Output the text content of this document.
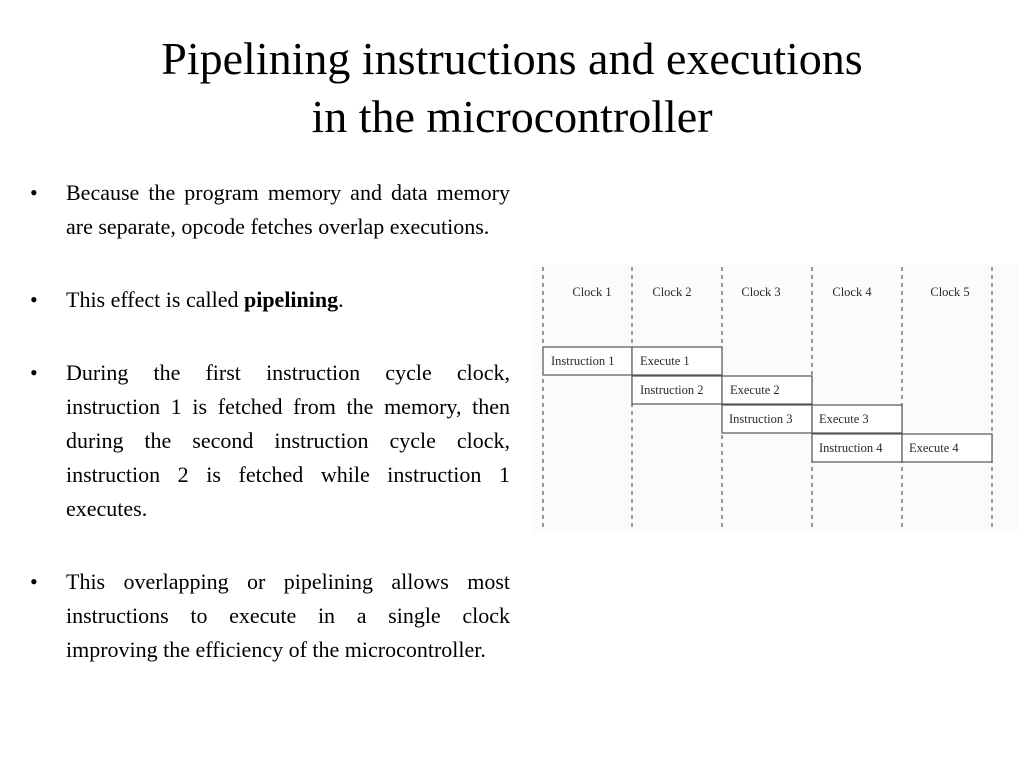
Pipelining instructions and executions
in the microcontroller
• Because the program memory and data memory are separate, opcode fetches overlap executions.
• This effect is called pipelining.
• During the first instruction cycle clock, instruction 1 is fetched from the memory, then during the second instruction cycle clock, instruction 2 is fetched while instruction 1 executes.
• This overlapping or pipelining allows most instructions to execute in a single clock improving the efficiency of the microcontroller.
Clock 1	Clock 2	Clock 3	Clock 4	Clock 5
Instruction 1 Execute 1
Instruction 2 Execute 2
Instruction 3 Execute 3
Instruction 4 Execute 4
